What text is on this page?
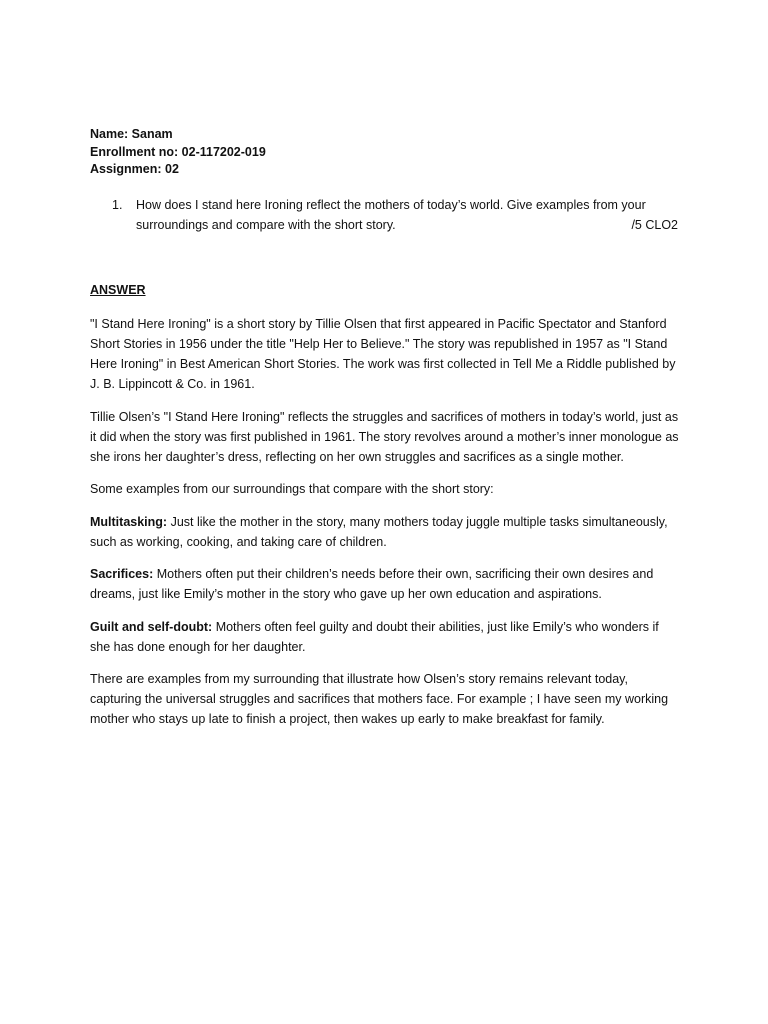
Name: Sanam
Enrollment no: 02-117202-019
Assignmen: 02
1. How does I stand here Ironing reflect the mothers of today’s world. Give examples from your surroundings and compare with the short story.	/5 CLO2
ANSWER

"I Stand Here Ironing" is a short story by Tillie Olsen that first appeared in Pacific Spectator and Stanford Short Stories in 1956 under the title "Help Her to Believe." The story was republished in 1957 as "I Stand Here Ironing" in Best American Short Stories. The work was first collected in Tell Me a Riddle published by J. B. Lippincott & Co. in 1961.

Tillie Olsen’s "I Stand Here Ironing" reflects the struggles and sacrifices of mothers in today’s world, just as it did when the story was first published in 1961. The story revolves around a mother’s inner monologue as she irons her daughter’s dress, reflecting on her own struggles and sacrifices as a single mother.

Some examples from our surroundings that compare with the short story:

Multitasking: Just like the mother in the story, many mothers today juggle multiple tasks simultaneously, such as working, cooking, and taking care of children.

Sacrifices: Mothers often put their children’s needs before their own, sacrificing their own desires and dreams, just like Emily’s mother in the story who gave up her own education and aspirations.

Guilt and self-doubt: Mothers often feel guilty and doubt their abilities, just like Emily’s who wonders if she has done enough for her daughter.

There are examples from my surrounding that illustrate how Olsen’s story remains relevant today, capturing the universal struggles and sacrifices that mothers face. For example ; I have seen my working mother who stays up late to finish a project, then wakes up early to make breakfast for family.
